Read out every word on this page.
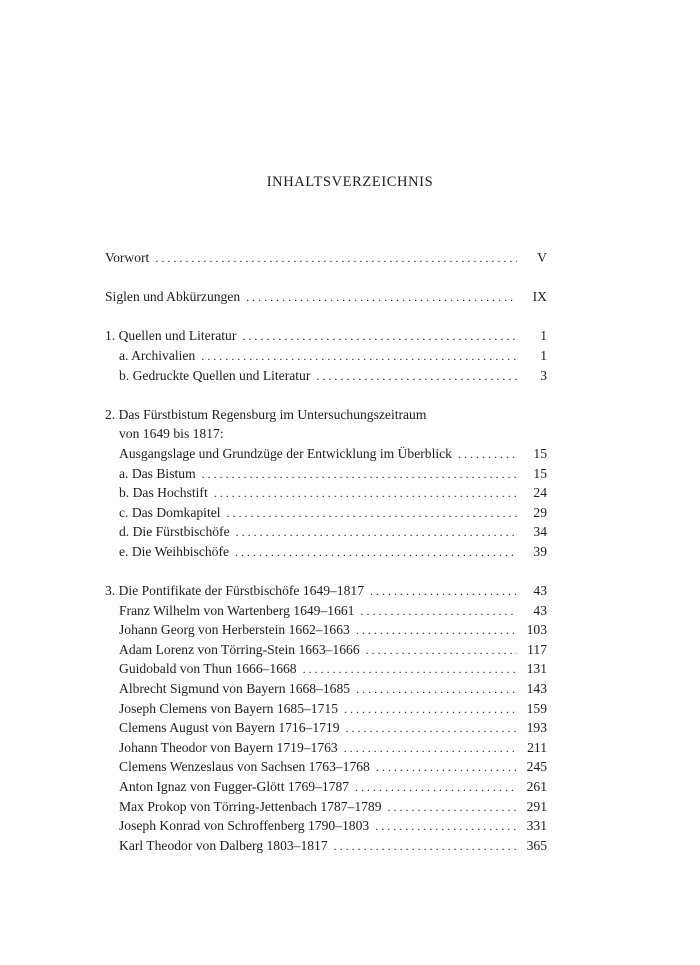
INHALTSVERZEICHNIS
Vorwort . . .	V
Siglen und Abkürzungen . . .	IX
1. Quellen und Literatur . . .	1
a. Archivalien . . .	1
b. Gedruckte Quellen und Literatur . . .	3
2. Das Fürstbistum Regensburg im Untersuchungszeitraum
von 1649 bis 1817:
Ausgangslage und Grundzüge der Entwicklung im Überblick . . .	15
a. Das Bistum . . .	15
b. Das Hochstift . . .	24
c. Das Domkapitel . . .	29
d. Die Fürstbischöfe . . .	34
e. Die Weihbischöfe . . .	39
3. Die Pontifikate der Fürstbischöfe 1649–1817 . . .	43
Franz Wilhelm von Wartenberg 1649–1661 . . .	43
Johann Georg von Herberstein 1662–1663 . . .	103
Adam Lorenz von Törring-Stein 1663–1666 . . .	117
Guidobald von Thun 1666–1668 . . .	131
Albrecht Sigmund von Bayern 1668–1685 . . .	143
Joseph Clemens von Bayern 1685–1715 . . .	159
Clemens August von Bayern 1716–1719 . . .	193
Johann Theodor von Bayern 1719–1763 . . .	211
Clemens Wenzeslaus von Sachsen 1763–1768 . . .	245
Anton Ignaz von Fugger-Glött 1769–1787 . . .	261
Max Prokop von Törring-Jettenbach 1787–1789 . . .	291
Joseph Konrad von Schroffenberg 1790–1803 . . .	331
Karl Theodor von Dalberg 1803–1817 . . .	365
